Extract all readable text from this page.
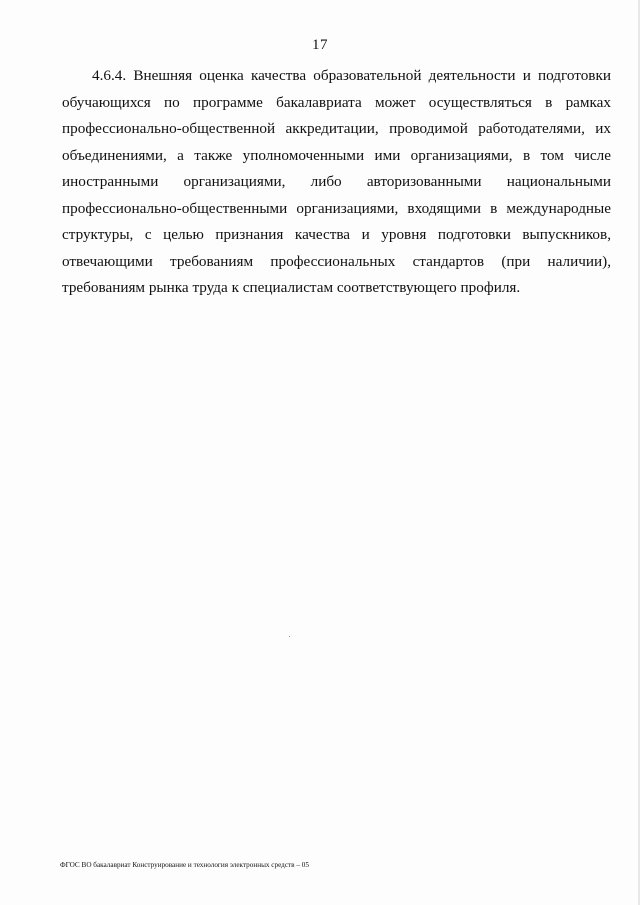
17
4.6.4. Внешняя оценка качества образовательной деятельности и подготовки
обучающихся по программе бакалавриата может осуществляться в рамках
профессионально-общественной аккредитации, проводимой работодателями, их
объединениями, а также уполномоченными ими организациями, в том числе
иностранными организациями, либо авторизованными национальными
профессионально-общественными организациями, входящими в международные
структуры, с целью признания качества и уровня подготовки выпускников,
отвечающими требованиям профессиональных стандартов (при наличии),
требованиям рынка труда к специалистам соответствующего профиля.
ФГОС ВО бакалавриат Конструирование и технология электронных средств – 05
